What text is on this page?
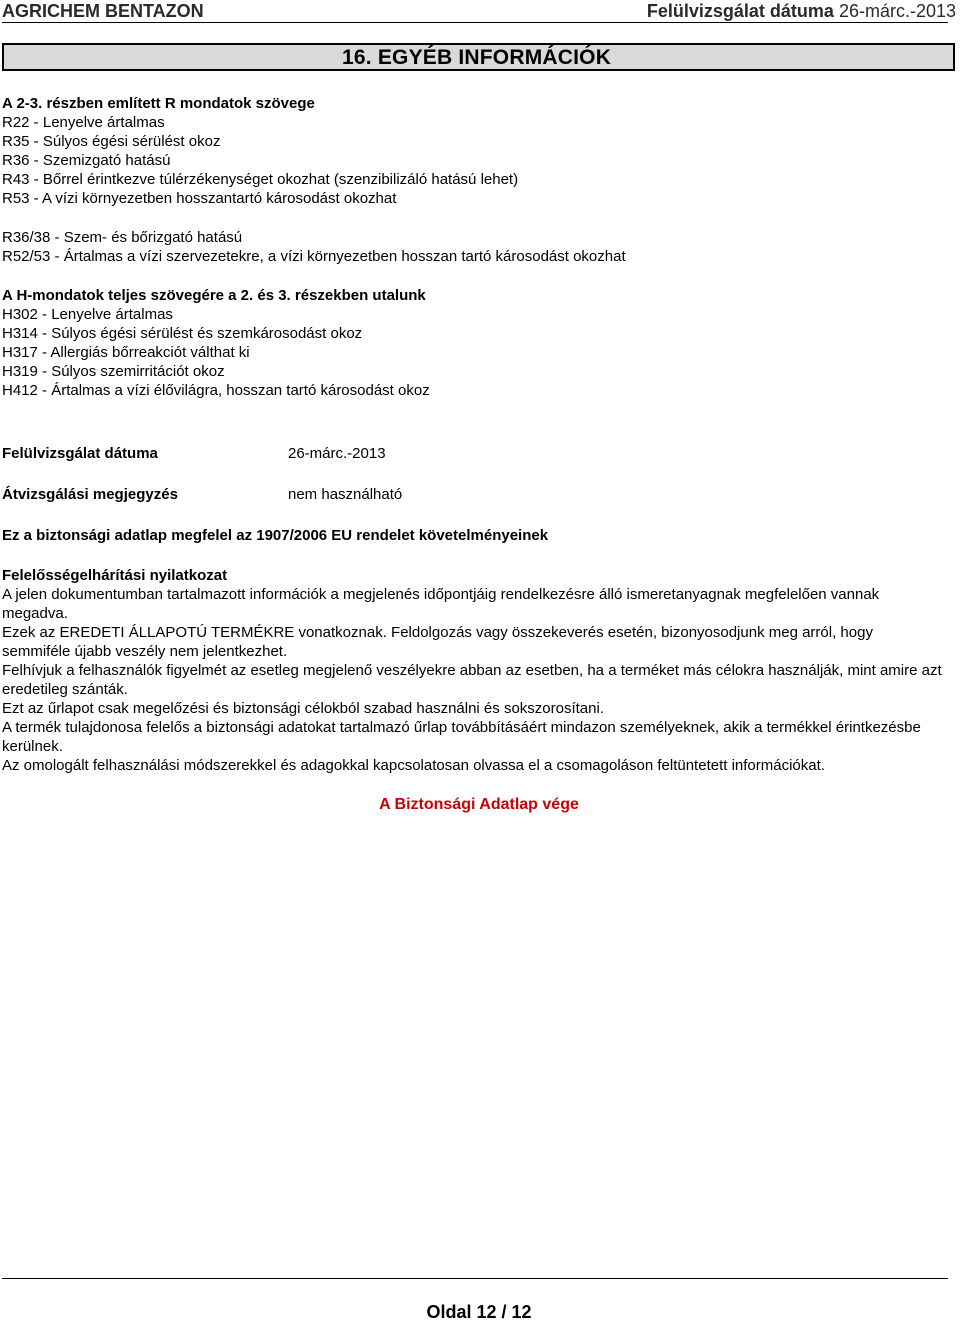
AGRICHEM BENTAZON	Felülvizsgálat dátuma 26-márc.-2013
16. EGYÉB INFORMÁCIÓK
A 2-3. részben említett R mondatok szövege
R22 - Lenyelve ártalmas
R35 - Súlyos égési sérülést okoz
R36 - Szemizgató hatású
R43 - Bőrrel érintkezve túlérzékenységet okozhat (szenzibilizáló hatású lehet)
R53 - A vízi környezetben hosszantartó károsodást okozhat
R36/38 - Szem- és bőrizgató hatású
R52/53 - Ártalmas a vízi szervezetekre, a vízi környezetben hosszan tartó károsodást okozhat
A H-mondatok teljes szövegére a 2. és 3. részekben utalunk
H302 - Lenyelve ártalmas
H314 - Súlyos égési sérülést és szemkárosodást okoz
H317 - Allergiás bőrreakciót válthat ki
H319 - Súlyos szemirritációt okoz
H412 - Ártalmas a vízi élővilágra, hosszan tartó károsodást okoz
Felülvizsgálat dátuma	26-márc.-2013
Átvizsgálási megjegyzés	nem használható
Ez a biztonsági adatlap megfelel az 1907/2006 EU rendelet követelményeinek
Felelősségelhárítási nyilatkozat
A jelen dokumentumban tartalmazott információk a megjelenés időpontjáig rendelkezésre álló ismeretanyagnak megfelelően vannak megadva.
Ezek az EREDETI ÁLLAPOTÚ TERMÉKRE vonatkoznak. Feldolgozás vagy összekeverés esetén, bizonyosodjunk meg arról, hogy semmiféle újabb veszély nem jelentkezhet.
Felhívjuk a felhasználók figyelmét az esetleg megjelenő veszélyekre abban az esetben, ha a terméket más célokra használják, mint amire azt eredetileg szánták.
Ezt az űrlapot csak megelőzési és biztonsági célokból szabad használni és sokszorosítani.
A termék tulajdonosa felelős a biztonsági adatokat tartalmazó űrlap továbbításáért mindazon személyeknek, akik a termékkel érintkezésbe kerülnek.
Az omologált felhasználási módszerekkel és adagokkal kapcsolatosan olvassa el a csomagoláson feltüntetett információkat.
A Biztonsági Adatlap vége
Oldal 12 / 12
